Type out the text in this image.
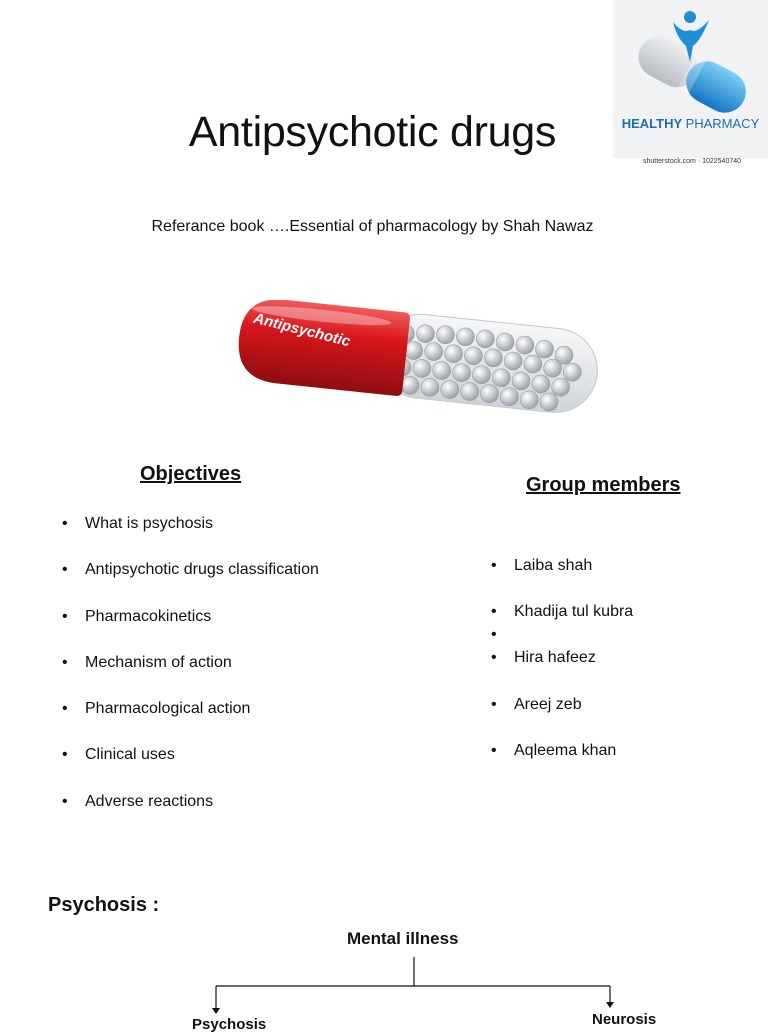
HEALTHY PHARMACY
shutterstock.com · 1022540740
Antipsychotic drugs
Referance book ….Essential of pharmacology by Shah Nawaz
Antipsychotic
Objectives
• What is psychosis
• Antipsychotic drugs classification
• Pharmacokinetics
• Mechanism of action
• Pharmacological action
• Clinical uses
• Adverse reactions
Group members
• Laiba shah
• Khadija tul kubra
•
• Hira hafeez
• Areej zeb
• Aqleema khan
Psychosis :
Mental illness
Neurosis
Psychosis
